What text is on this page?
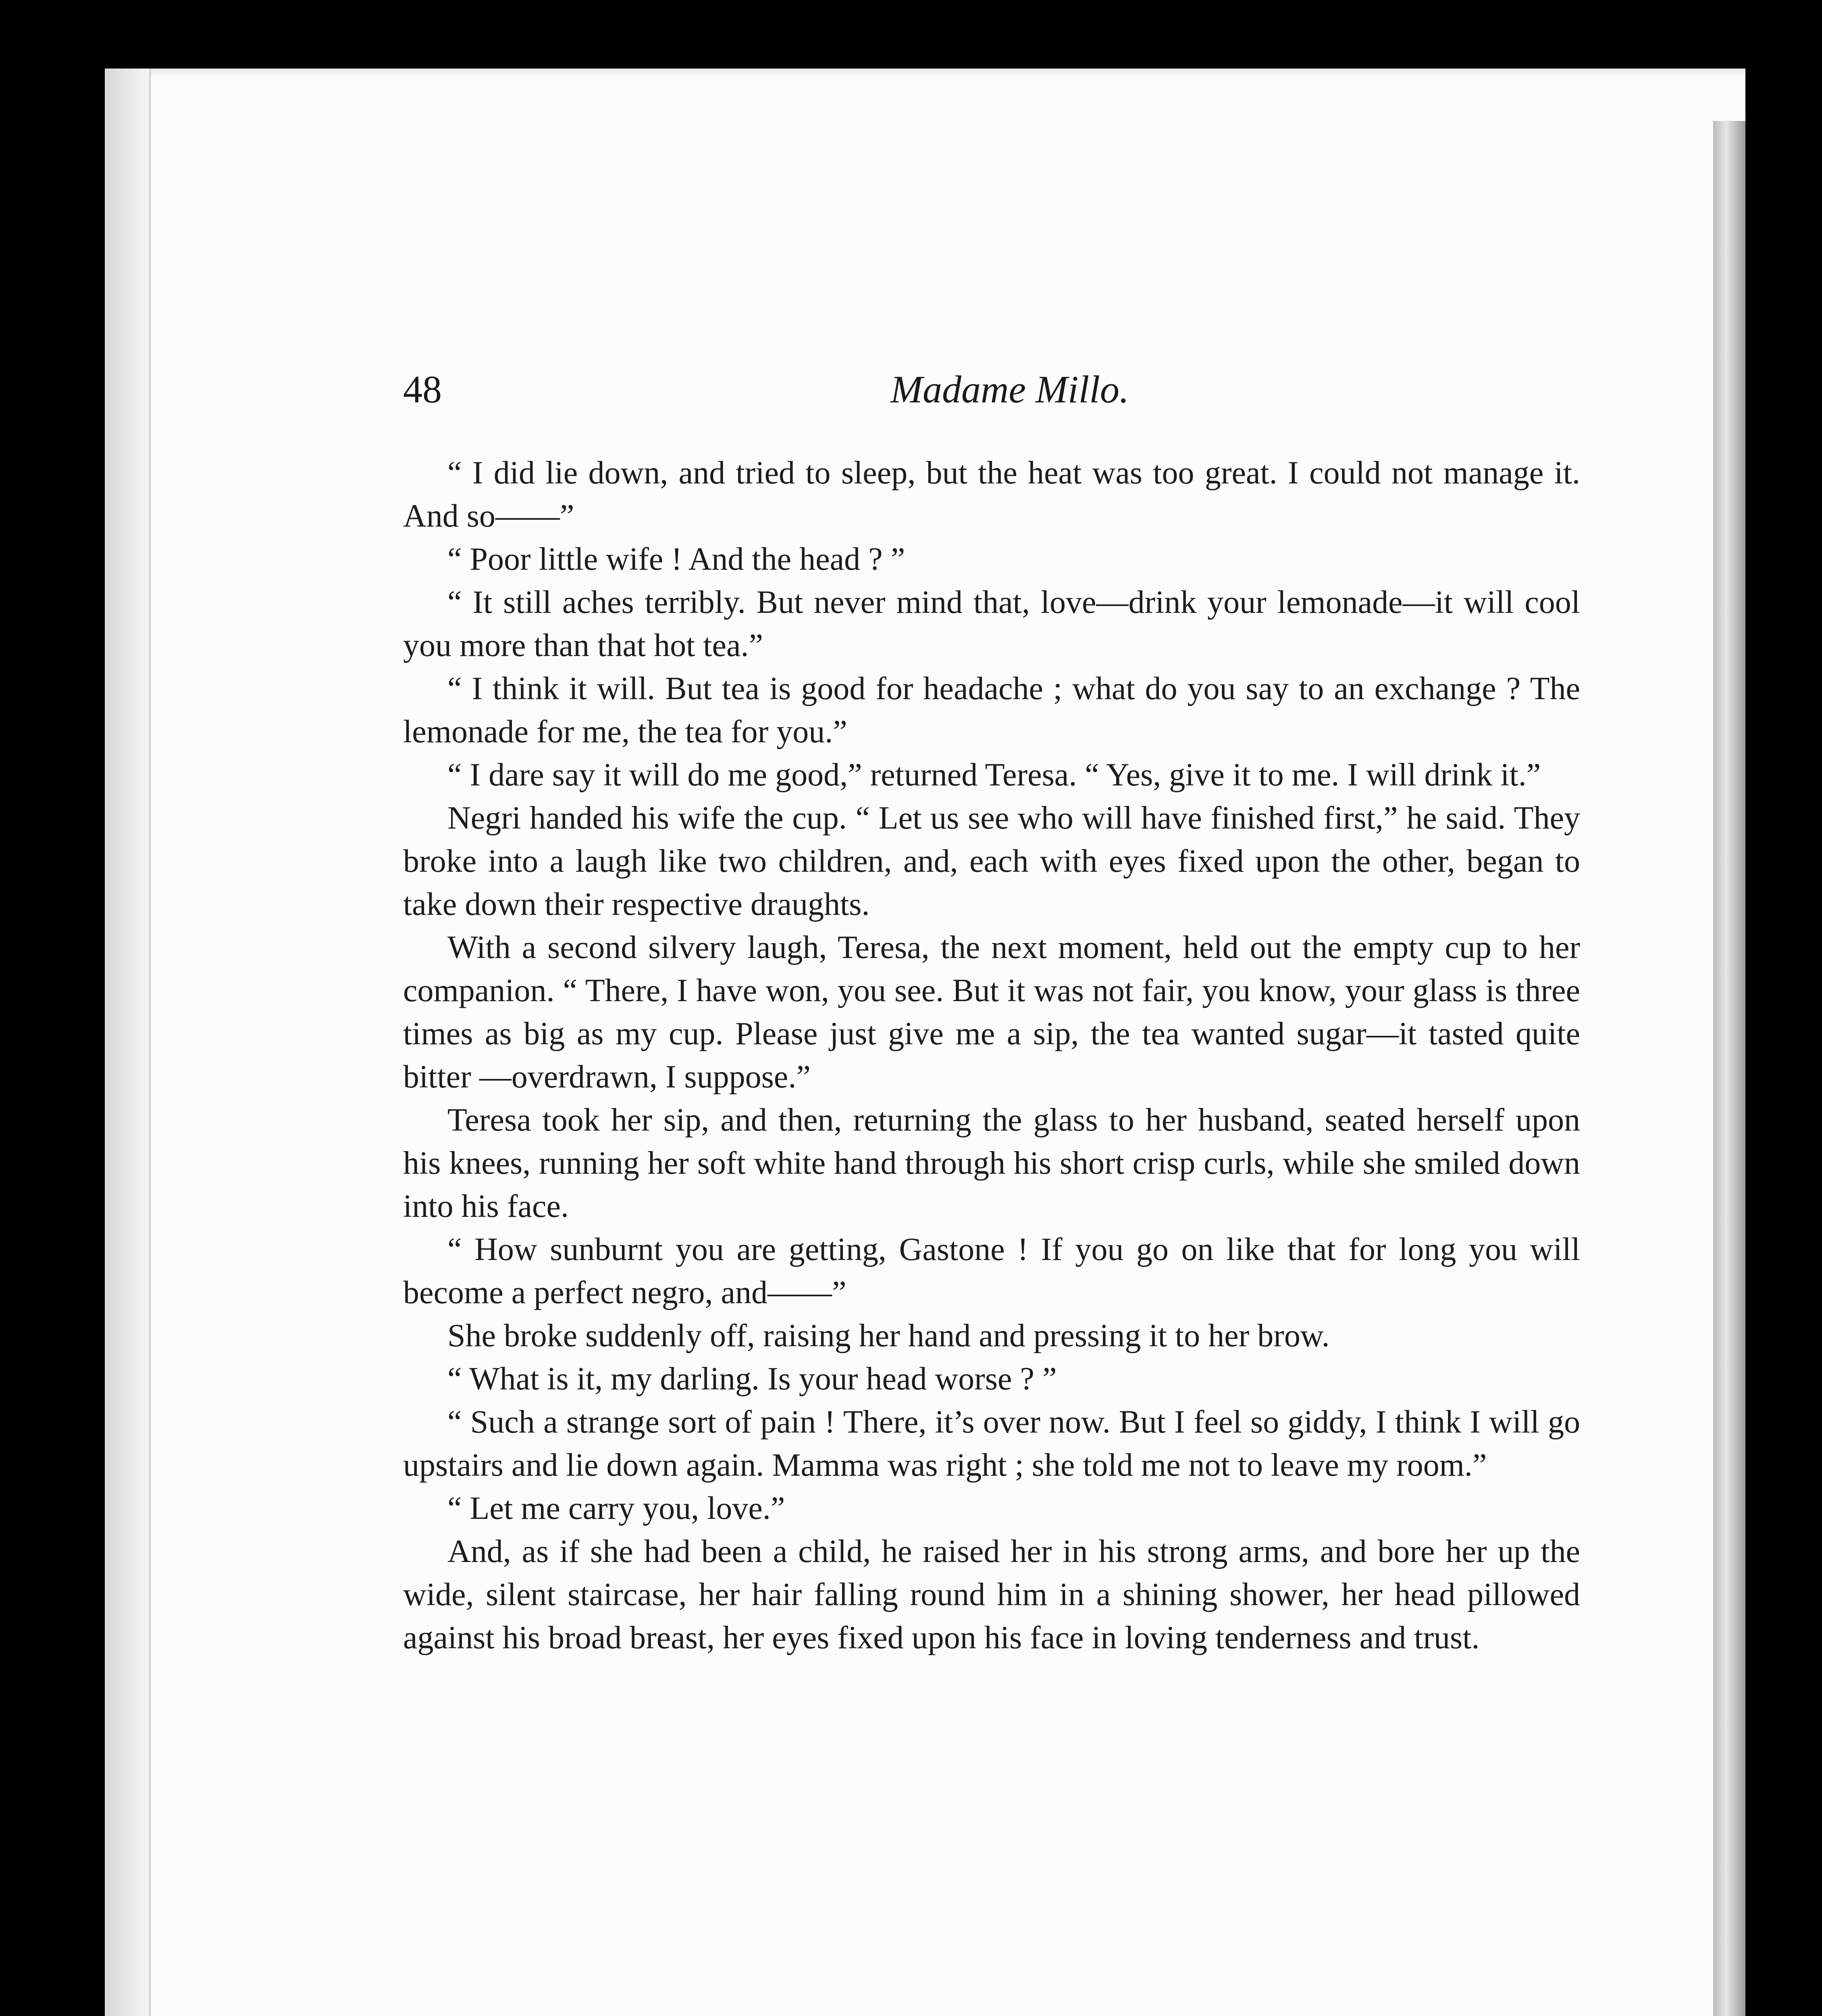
48	Madame Millo.

“ I did lie down, and tried to sleep, but the heat was too great. I could not manage it. And so——”

“ Poor little wife ! And the head ? ”

“ It still aches terribly. But never mind that, love—drink your lemonade—it will cool you more than that hot tea.”

“ I think it will. But tea is good for headache ; what do you say to an exchange ? The lemonade for me, the tea for you.”

“ I dare say it will do me good,” returned Teresa. “ Yes, give it to me. I will drink it.”

Negri handed his wife the cup. “ Let us see who will have finished first,” he said. They broke into a laugh like two children, and, each with eyes fixed upon the other, began to take down their respective draughts.

With a second silvery laugh, Teresa, the next moment, held out the empty cup to her companion. “ There, I have won, you see. But it was not fair, you know, your glass is three times as big as my cup. Please just give me a sip, the tea wanted sugar—it tasted quite bitter —overdrawn, I suppose.”

Teresa took her sip, and then, returning the glass to her husband, seated herself upon his knees, running her soft white hand through his short crisp curls, while she smiled down into his face.

“ How sunburnt you are getting, Gastone ! If you go on like that for long you will become a perfect negro, and——”

She broke suddenly off, raising her hand and pressing it to her brow.

“ What is it, my darling. Is your head worse ? ”

“ Such a strange sort of pain ! There, it’s over now. But I feel so giddy, I think I will go upstairs and lie down again. Mamma was right ; she told me not to leave my room.”

“ Let me carry you, love.”

And, as if she had been a child, he raised her in his strong arms, and bore her up the wide, silent staircase, her hair falling round him in a shining shower, her head pillowed against his broad breast, her eyes fixed upon his face in loving tenderness and trust.
